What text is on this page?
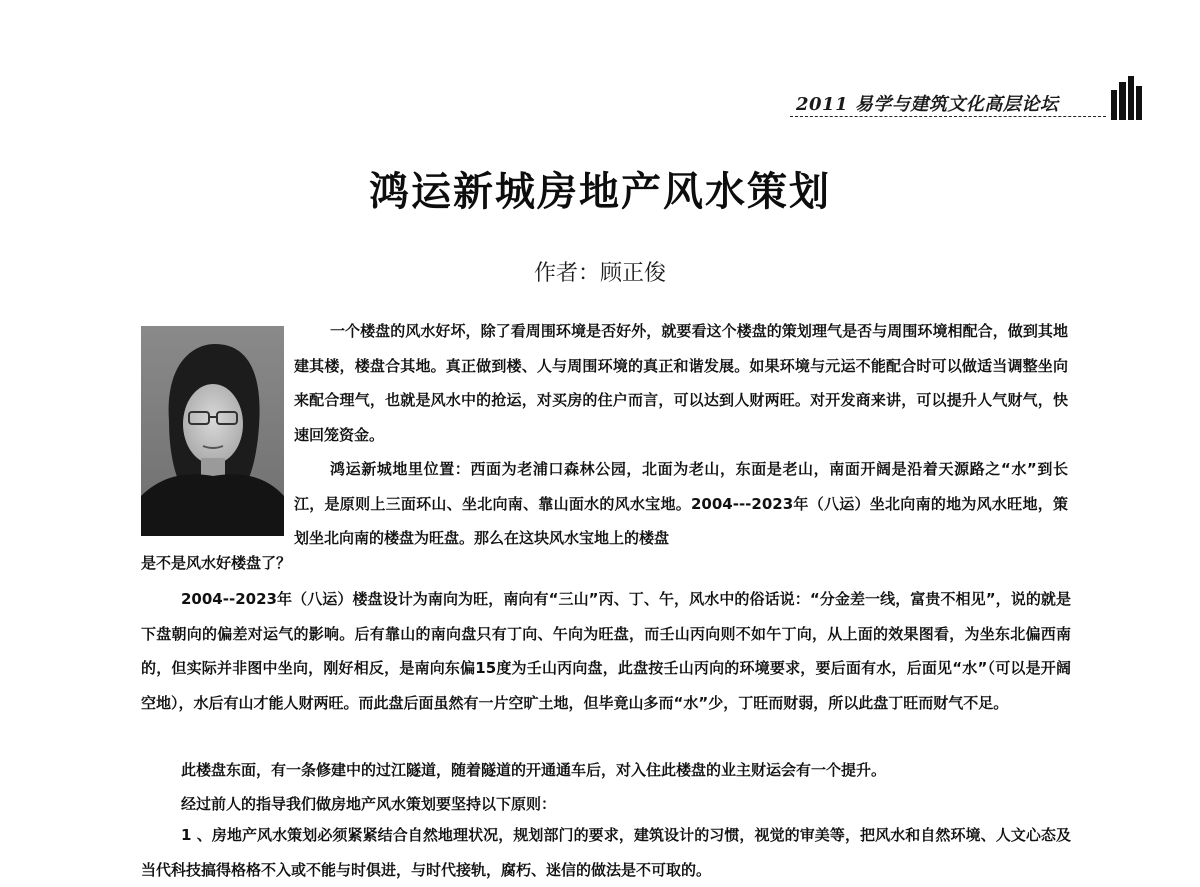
2011 易学与建筑文化高层论坛
鸿运新城房地产风水策划
作者：顾正俊

一个楼盘的风水好坏，除了看周围环境是否好外，就要看这个楼盘的策划理气是否与周围环境相配合，做到其地建其楼，楼盘合其地。真正做到楼、人与周围环境的真正和谐发展。如果环境与元运不能配合时可以做适当调整坐向来配合理气，也就是风水中的抢运，对买房的住户而言，可以达到人财两旺。对开发商来讲，可以提升人气财气，快速回笼资金。

鸿运新城地里位置：西面为老浦口森林公园，北面为老山，东面是老山，南面开阔是沿着天源路之“水”到长江，是原则上三面环山、坐北向南、靠山面水的风水宝地。2004---2023年（八运）坐北向南的地为风水旺地，策划坐北向南的楼盘为旺盘。那么在这块风水宝地上的楼盘

是不是风水好楼盘了？

2004--2023年（八运）楼盘设计为南向为旺，南向有“三山”丙、丁、午，风水中的俗话说：“分金差一线，富贵不相见”，说的就是下盘朝向的偏差对运气的影响。后有靠山的南向盘只有丁向、午向为旺盘，而壬山丙向则不如午丁向，从上面的效果图看，为坐东北偏西南的，但实际并非图中坐向，刚好相反，是南向东偏15度为壬山丙向盘，此盘按壬山丙向的环境要求，要后面有水，后面见“水”（可以是开阔空地），水后有山才能人财两旺。而此盘后面虽然有一片空旷土地，但毕竟山多而“水”少，丁旺而财弱，所以此盘丁旺而财气不足。

此楼盘东面，有一条修建中的过江隧道，随着隧道的开通通车后，对入住此楼盘的业主财运会有一个提升。

经过前人的指导我们做房地产风水策划要坚持以下原则：

1 、房地产风水策划必须紧紧结合自然地理状况，规划部门的要求，建筑设计的习惯，视觉的审美等，把风水和自然环境、人文心态及当代科技搞得格格不入或不能与时俱进，与时代接轨，腐朽、迷信的做法是不可取的。
